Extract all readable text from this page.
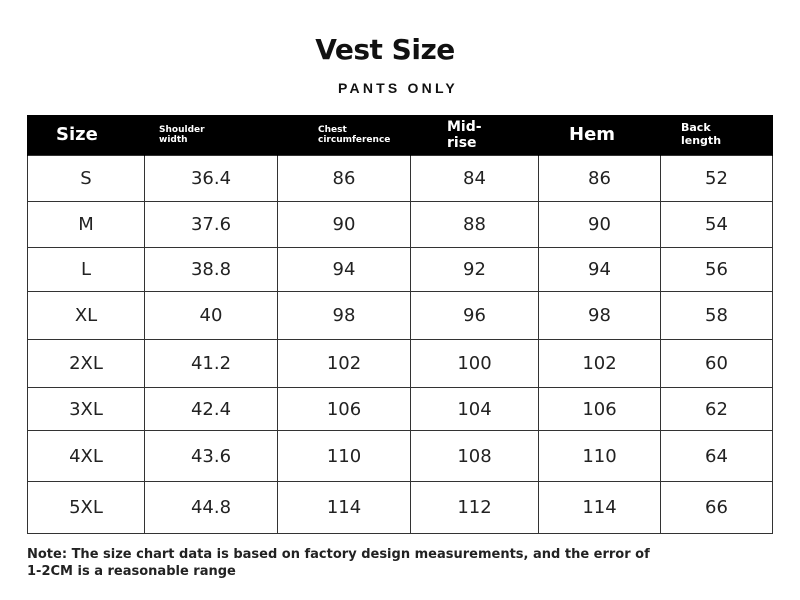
Vest Size
PANTS ONLY
Size	Shoulder width	Chest circumference	Mid-rise	Hem	Back length

S	36.4	86	84	86	52
M	37.6	90	88	90	54
L	38.8	94	92	94	56
XL	40	98	96	98	58
2XL	41.2	102	100	102	60
3XL	42.4	106	104	106	62
4XL	43.6	110	108	110	64
5XL	44.8	114	112	114	66
Note: The size chart data is based on factory design measurements, and the error of 1-2CM is a reasonable range
